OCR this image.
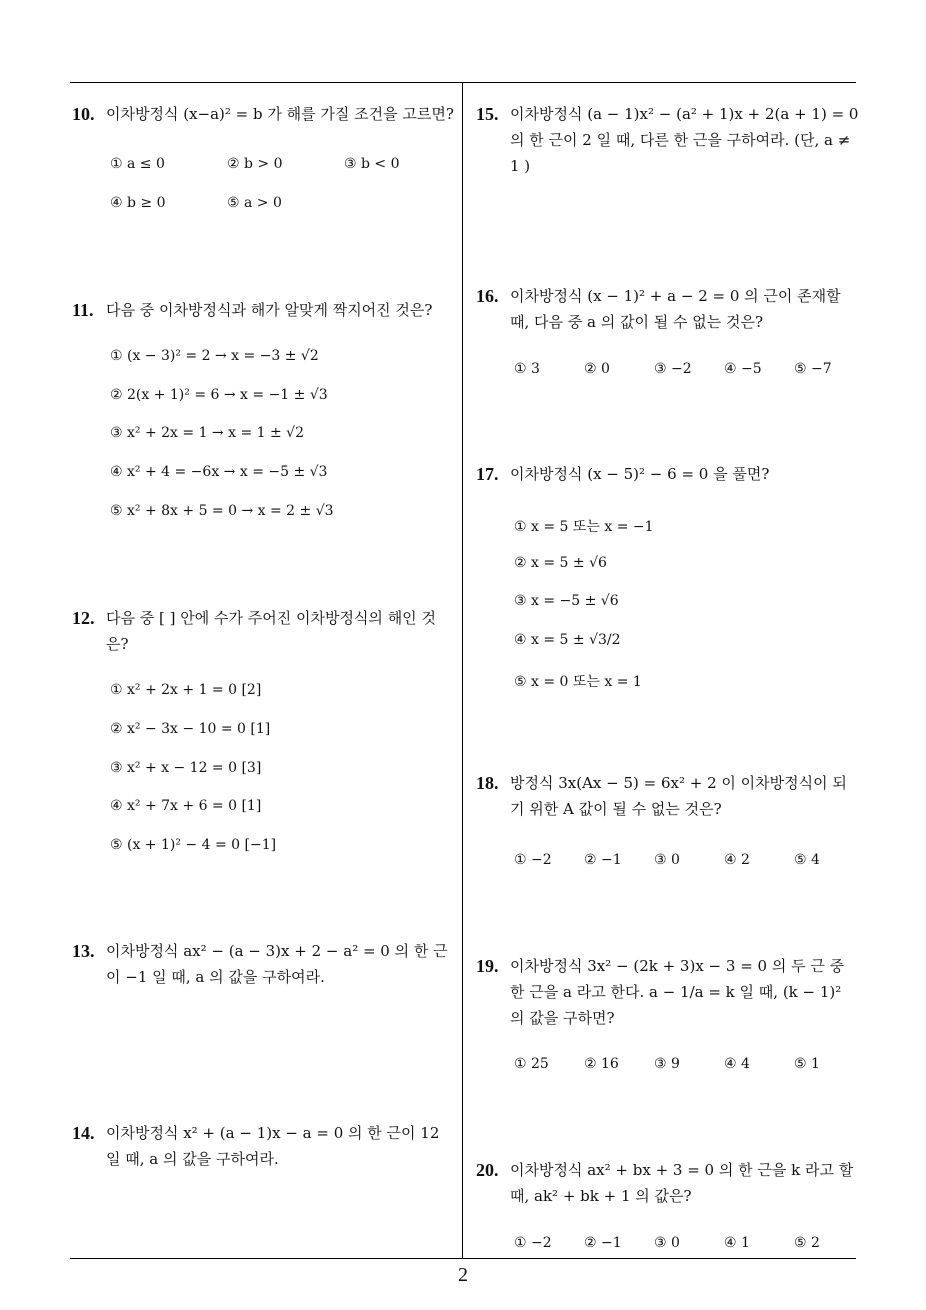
10. 이차방정식 (x−a)² = b 가 해를 가질 조건을 고르면?
① a ≤ 0	② b > 0	③ b < 0
④ b ≥ 0	⑤ a > 0
11. 다음 중 이차방정식과 해가 알맞게 짝지어진 것은?
① (x − 3)² = 2 → x = −3 ± √2
② 2(x + 1)² = 6 → x = −1 ± √3
③ x² + 2x = 1 → x = 1 ± √2
④ x² + 4 = −6x → x = −5 ± √3
⑤ x² + 8x + 5 = 0 → x = 2 ± √3
12. 다음 중 [ ] 안에 수가 주어진 이차방정식의 해인 것은?
① x² + 2x + 1 = 0 [2]
② x² − 3x − 10 = 0 [1]
③ x² + x − 12 = 0 [3]
④ x² + 7x + 6 = 0 [1]
⑤ (x + 1)² − 4 = 0 [−1]
13. 이차방정식 ax² − (a − 3)x + 2 − a² = 0 의 한 근이 −1 일 때, a 의 값을 구하여라.
14. 이차방정식 x² + (a − 1)x − a = 0 의 한 근이 12 일 때, a 의 값을 구하여라.
15. 이차방정식 (a − 1)x² − (a² + 1)x + 2(a + 1) = 0 의 한 근이 2 일 때, 다른 한 근을 구하여라. (단, a ≠ 1 )
16. 이차방정식 (x − 1)² + a − 2 = 0 의 근이 존재할 때, 다음 중 a 의 값이 될 수 없는 것은?
① 3	② 0	③ −2 ④ −5 ⑤ −7
17. 이차방정식 (x − 5)² − 6 = 0 을 풀면?
① x = 5 또는 x = −1
② x = 5 ± √6
③ x = −5 ± √6
④ x = 5 ± √3/2
⑤ x = 0 또는 x = 1
18. 방정식 3x(Ax − 5) = 6x² + 2 이 이차방정식이 되기 위한 A 값이 될 수 없는 것은?
① −2 ② −1 ③ 0	④ 2	⑤ 4
19. 이차방정식 3x² − (2k + 3)x − 3 = 0 의 두 근 중 한 근을 a 라고 한다. a − 1/a = k 일 때, (k − 1)² 의 값을 구하면?
① 25	② 16	③ 9	④ 4	⑤ 1
20. 이차방정식 ax² + bx + 3 = 0 의 한 근을 k 라고 할 때, ak² + bk + 1 의 값은?
① −2 ② −1 ③ 0	④ 1	⑤ 2
2
